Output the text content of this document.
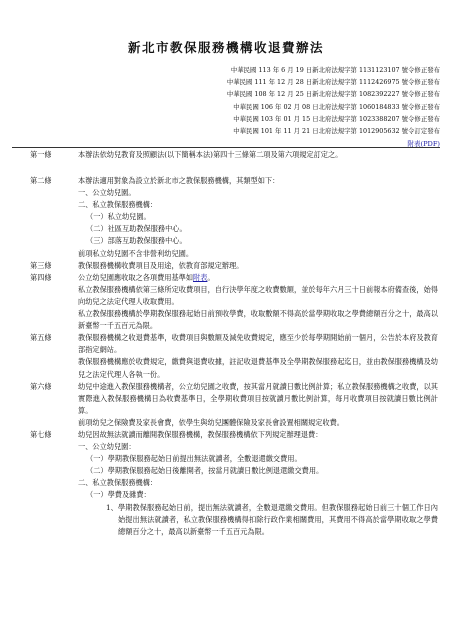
新北市教保服務機構收退費辦法
中華民國 113 年 6 月 19 日新北府法規字第 1131123107 號令修正發布
中華民國 111 年 12 月 28 日新北府法規字第 1112426975 號令修正發布
中華民國 108 年 12 月 25 日新北府法規字第 1082392227 號令修正發布
中華民國 106 年 02 月 08 日北府法規字第 1060184833 號令修正發布
中華民國 103 年 01 月 15 日北府法規字第 1023388207 號令修正發布
中華民國 101 年 11 月 21 日北府法規字第 1012905632 號令訂定發布
附表(PDF)
第一條	本辦法依幼兒教育及照顧法(以下簡稱本法)第四十三條第二項及第六項規定訂定之。
第二條	本辦法適用對象為設立於新北市之教保服務機構，其類型如下：
一、公立幼兒園。
二、私立教保服務機構：
（一）私立幼兒園。
（二）社區互助教保服務中心。
（三）部落互助教保服務中心。
前項私立幼兒園不含非營利幼兒園。
第三條	教保服務機構收費項目及用途，依教育部規定辦理。
第四條	公立幼兒園應收取之各項費用基準如附表。
私立教保服務機構依第三條所定收費項目，自行決學年度之收費數額，並於每年六月三十日前報本府備查後，始得向幼兒之法定代理人收取費用。
私立教保服務機構於學期教保服務起始日前預收學費，收取數額不得高於當學期收取之學費總額百分之十，最高以新臺幣一千五百元為限。
第五條	教保服務機構之收退費基準，收費項目與數額及減免收費規定，應至少於每學期開始前一個月，公告於本府及教育部指定網站。
教保服務機構應於收費規定，繳費與退費收據，註記收退費基準及全學期教保服務起迄日，並由教保服務機構及幼兒之法定代理人各執一份。
第六條	幼兒中途進入教保服務機構者，公立幼兒園之收費，按其當月就讀日數比例計算；私立教保服務機構之收費，以其實際進入教保服務機構日為收費基準日，全學期收費項目按就讀月數比例計算，每月收費項目按就讀日數比例計算。
前項幼兒之保險費及家長會費，依學生與幼兒團體保險及家長會設置相關規定收費。
第七條	幼兒因故無法就讀而離開教保服務機構，教保服務機構依下列規定辦理退費：
一、公立幼兒園：
（一）學期教保服務起始日前提出無法就讀者，全數退還繳交費用。
（二）學期教保服務起始日後離開者，按當月就讀日數比例退還繳交費用。
二、私立教保服務機構：
（一）學費及雜費：
1、學期教保服務起始日前，提出無法就讀者，全數退還繳交費用。但教保服務起始日前三十個工作日內始提出無法就讀者，私立教保服務機構得扣除行政作業相關費用，其費用不得高於當學期收取之學費總額百分之十，最高以新臺幣一千五百元為限。
